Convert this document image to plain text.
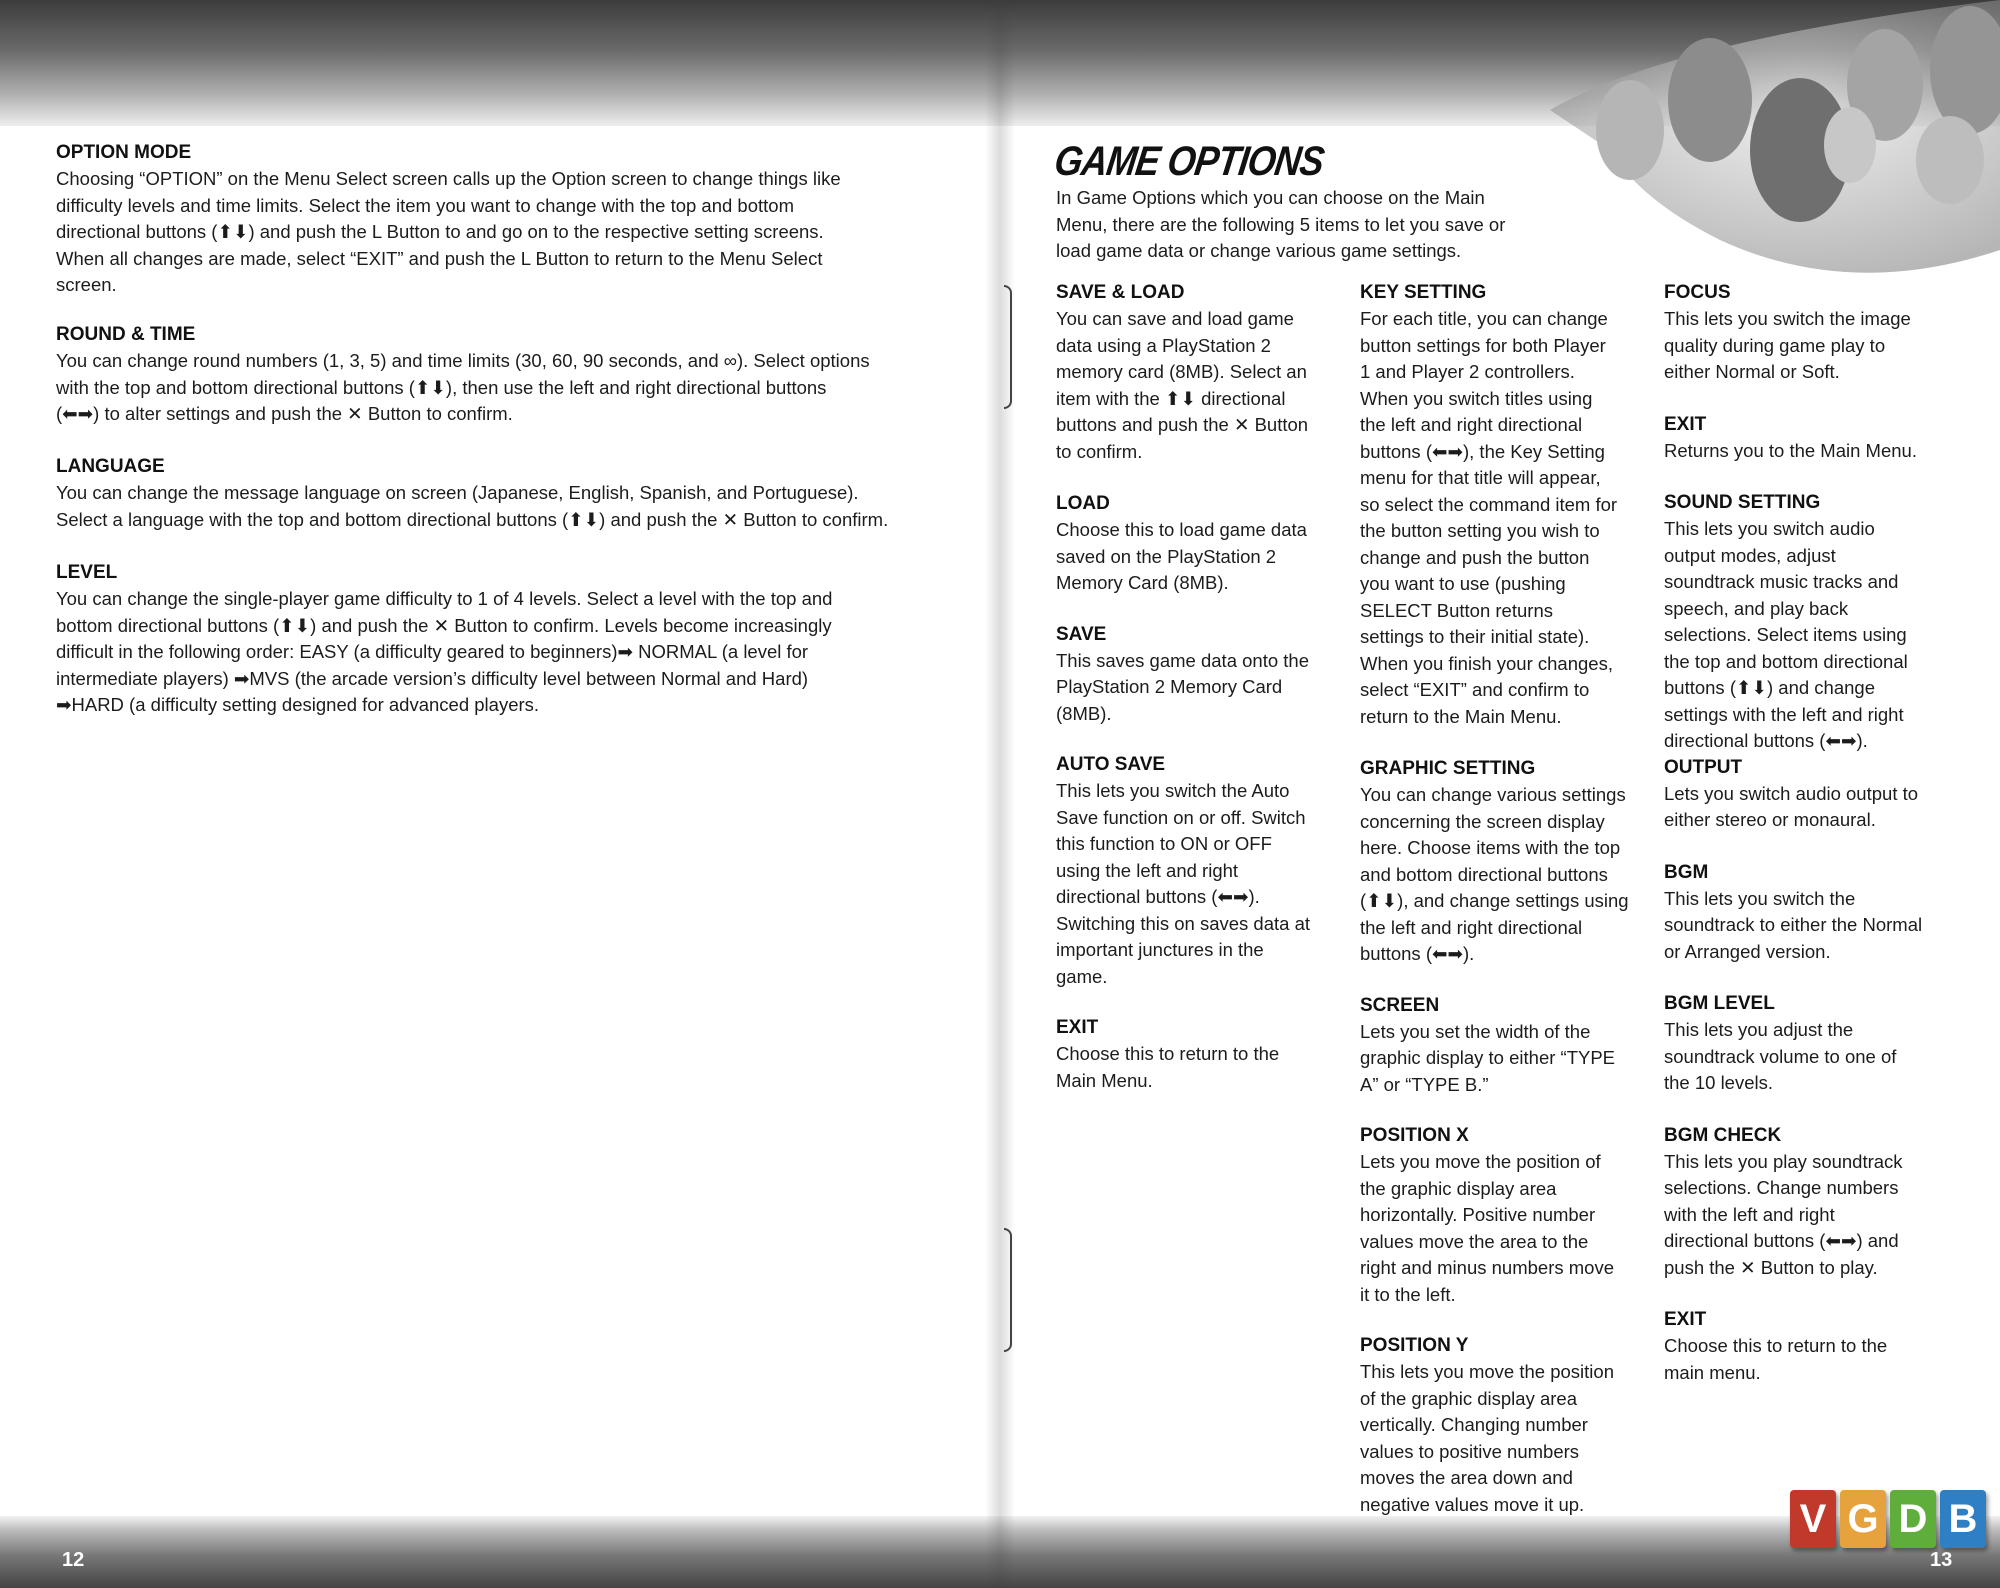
OPTION MODE
Choosing “OPTION” on the Menu Select screen calls up the Option screen to change things like
difficulty levels and time limits. Select the item you want to change with the top and bottom
directional buttons (⬆⬇) and push the L Button to and go on to the respective setting screens.
When all changes are made, select “EXIT” and push the L Button to return to the Menu Select
screen.
ROUND & TIME
You can change round numbers (1, 3, 5) and time limits (30, 60, 90 seconds, and ∞). Select options
with the top and bottom directional buttons (⬆⬇), then use the left and right directional buttons
(⬅➡) to alter settings and push the ✕ Button to confirm.
LANGUAGE
You can change the message language on screen (Japanese, English, Spanish, and Portuguese).
Select a language with the top and bottom directional buttons (⬆⬇) and push the ✕ Button to confirm.
LEVEL
You can change the single-player game difficulty to 1 of 4 levels. Select a level with the top and
bottom directional buttons (⬆⬇) and push the ✕ Button to confirm. Levels become increasingly
difficult in the following order: EASY (a difficulty geared to beginners)➡ NORMAL (a level for
intermediate players) ➡MVS (the arcade version’s difficulty level between Normal and Hard)
➡HARD (a difficulty setting designed for advanced players.
12
GAME OPTIONS
In Game Options which you can choose on the Main
Menu, there are the following 5 items to let you save or
load game data or change various game settings.
SAVE & LOAD
You can save and load game
data using a PlayStation 2
memory card (8MB). Select an
item with the ⬆⬇ directional
buttons and push the ✕ Button
to confirm.
LOAD
Choose this to load game data
saved on the PlayStation 2
Memory Card (8MB).
SAVE
This saves game data onto the
PlayStation 2 Memory Card
(8MB).
AUTO SAVE
This lets you switch the Auto
Save function on or off. Switch
this function to ON or OFF
using the left and right
directional buttons (⬅➡).
Switching this on saves data at
important junctures in the
game.
EXIT
Choose this to return to the
Main Menu.
KEY SETTING
For each title, you can change
button settings for both Player
1 and Player 2 controllers.
When you switch titles using
the left and right directional
buttons (⬅➡), the Key Setting
menu for that title will appear,
so select the command item for
the button setting you wish to
change and push the button
you want to use (pushing
SELECT Button returns
settings to their initial state).
When you finish your changes,
select “EXIT” and confirm to
return to the Main Menu.
GRAPHIC SETTING
You can change various settings
concerning the screen display
here. Choose items with the top
and bottom directional buttons
(⬆⬇), and change settings using
the left and right directional
buttons (⬅➡).
SCREEN
Lets you set the width of the
graphic display to either “TYPE
A” or “TYPE B.”
POSITION X
Lets you move the position of
the graphic display area
horizontally. Positive number
values move the area to the
right and minus numbers move
it to the left.
POSITION Y
This lets you move the position
of the graphic display area
vertically. Changing number
values to positive numbers
moves the area down and
negative values move it up.
FOCUS
This lets you switch the image
quality during game play to
either Normal or Soft.
EXIT
Returns you to the Main Menu.
SOUND SETTING
This lets you switch audio
output modes, adjust
soundtrack music tracks and
speech, and play back
selections. Select items using
the top and bottom directional
buttons (⬆⬇) and change
settings with the left and right
directional buttons (⬅➡).
OUTPUT
Lets you switch audio output to
either stereo or monaural.
BGM
This lets you switch the
soundtrack to either the Normal
or Arranged version.
BGM LEVEL
This lets you adjust the
soundtrack volume to one of
the 10 levels.
BGM CHECK
This lets you play soundtrack
selections. Change numbers
with the left and right
directional buttons (⬅➡) and
push the ✕ Button to play.
EXIT
Choose this to return to the
main menu.
13
V G D B
